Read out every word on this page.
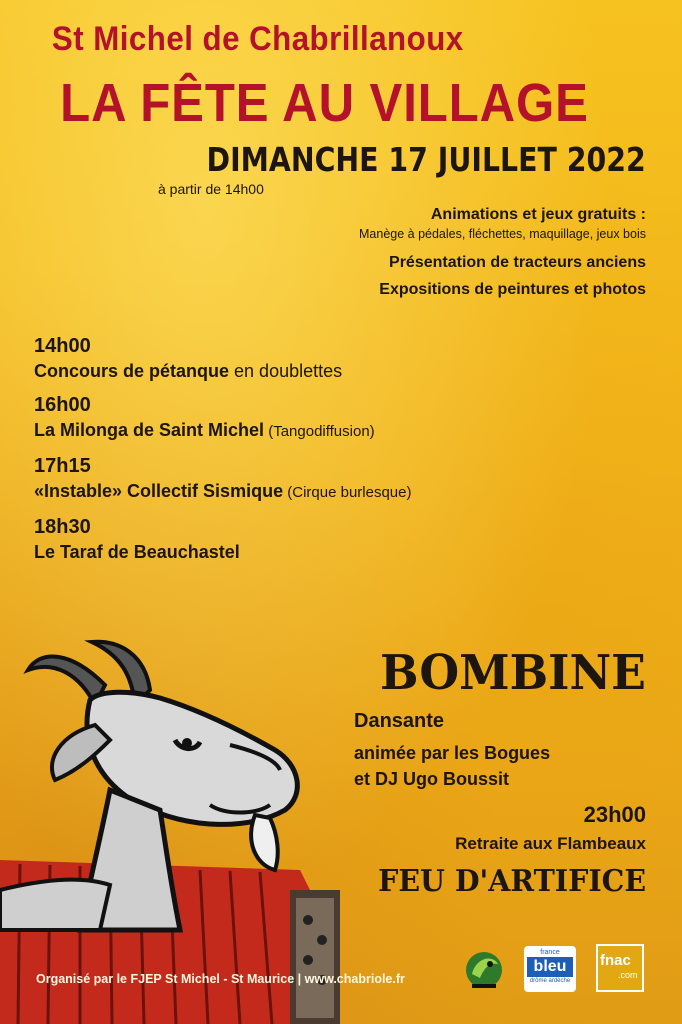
St Michel de Chabrillanoux
LA FÊTE AU VILLAGE
DIMANCHE 17 JUILLET 2022
à partir de 14h00
Animations et jeux gratuits :
Manège à pédales, fléchettes, maquillage, jeux bois
Présentation de tracteurs anciens
Expositions de peintures et photos
14h00
Concours de pétanque en doublettes
16h00
La Milonga de Saint Michel (Tangodiffusion)
17h15
«Instable» Collectif Sismique (Cirque burlesque)
18h30
Le Taraf de Beauchastel
BOMBINE
Dansante
animée par les Bogues
et DJ Ugo Boussit
23h00
Retraite aux Flambeaux
FEU D'ARTIFICE
Organisé par le FJEP St Michel - St Maurice | www.chabriole.fr
france
bleu
drôme ardèche
fnac
.com
